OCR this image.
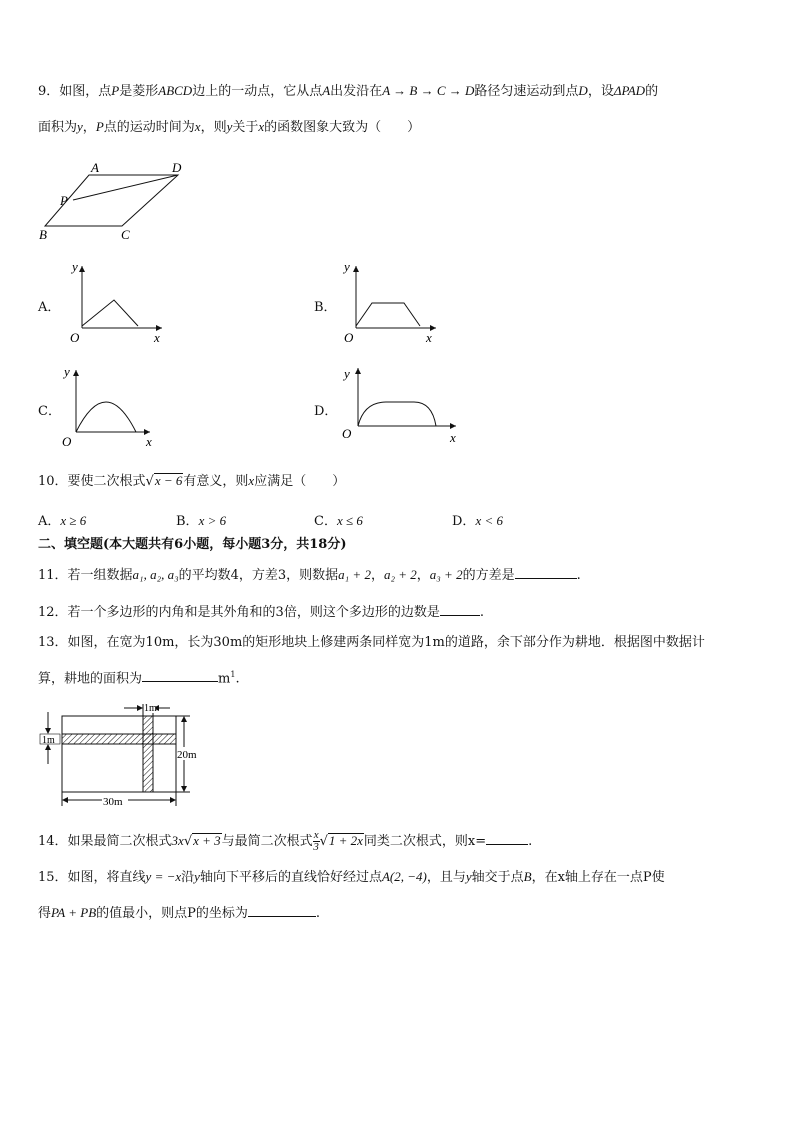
9．如图，点P是菱形ABCD边上的一动点，它从点A出发沿在A → B → C → D路径匀速运动到点D，设ΔPAD的
面积为y，P点的运动时间为x，则y关于x的函数图象大致为（　　）
A	D
P
B	C
A．
y
x
O
B．
y
x
O
C．
y
x
O
D．
y
x
O
10．要使二次根式√x − 6有意义，则x应满足（　　）
A．x ≥ 6	B．x > 6	C．x ≤ 6	D．x < 6
二、填空题(本大题共有6小题，每小题3分，共18分)
11．若一组数据a₁, a₂, a₃的平均数4，方差3，则数据a₁ + 2，a₂ + 2，a₃ + 2的方差是	.
12．若一个多边形的内角和是其外角和的3倍，则这个多边形的边数是	.
13．如图，在宽为10m，长为30m的矩形地块上修建两条同样宽为1m的道路，余下部分作为耕地．根据图中数据计
算，耕地的面积为	$m^1$.
1m
1m
20m
30m
14．如果最简二次根式3x√x + 3与最简二次根式 $\frac{x}{3} √1 + 2x$同类二次根式，则x=	.
15．如图，将直线y = −x沿y轴向下平移后的直线恰好经过点A(2, −4)，且与y轴交于点B，在x轴上存在一点P使
得PA + PB的值最小，则点P的坐标为	.
